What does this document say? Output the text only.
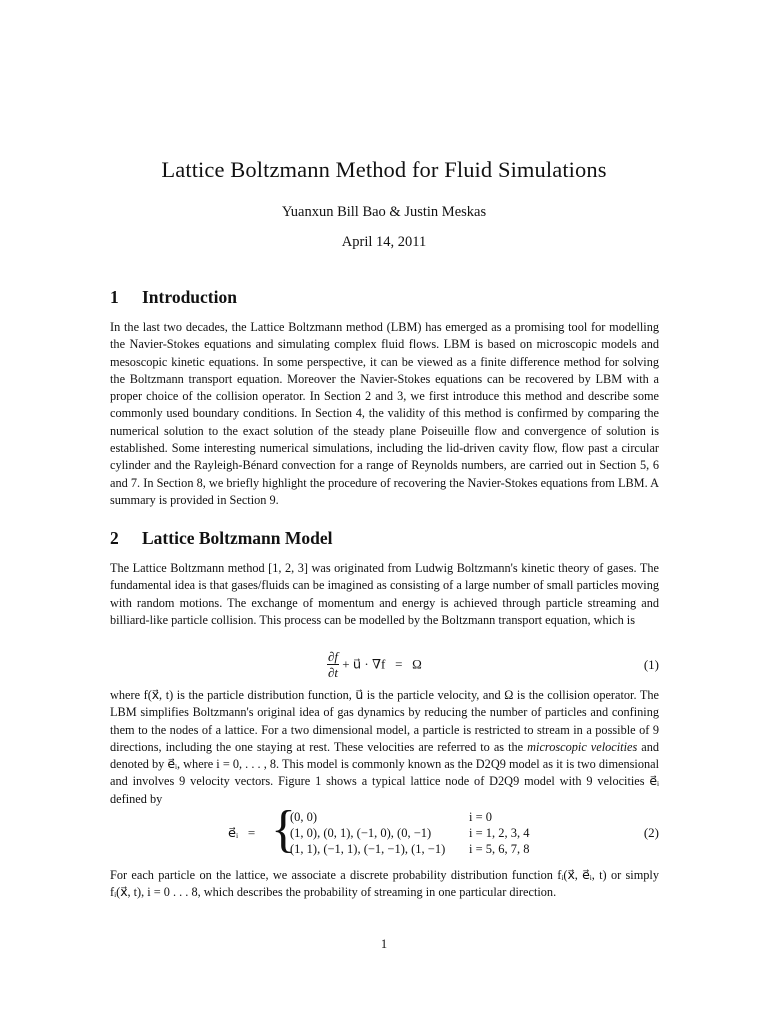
Lattice Boltzmann Method for Fluid Simulations
Yuanxun Bill Bao & Justin Meskas
April 14, 2011
1 Introduction

In the last two decades, the Lattice Boltzmann method (LBM) has emerged as a promising tool for modelling the Navier-Stokes equations and simulating complex fluid flows. LBM is based on microscopic models and mesoscopic kinetic equations. In some perspective, it can be viewed as a finite difference method for solving the Boltzmann transport equation. Moreover the Navier-Stokes equations can be recovered by LBM with a proper choice of the collision operator. In Section 2 and 3, we first introduce this method and describe some commonly used boundary conditions. In Section 4, the validity of this method is confirmed by comparing the numerical solution to the exact solution of the steady plane Poiseuille flow and convergence of solution is established. Some interesting numerical simulations, including the lid-driven cavity flow, flow past a circular cylinder and the Rayleigh-Bénard convection for a range of Reynolds numbers, are carried out in Section 5, 6 and 7. In Section 8, we briefly highlight the procedure of recovering the Navier-Stokes equations from LBM. A summary is provided in Section 9.

2 Lattice Boltzmann Model

The Lattice Boltzmann method [1, 2, 3] was originated from Ludwig Boltzmann's kinetic theory of gases. The fundamental idea is that gases/fluids can be imagined as consisting of a large number of small particles moving with random motions. The exchange of momentum and energy is achieved through particle streaming and billiard-like particle collision. This process can be modelled by the Boltzmann transport equation, which is

$\frac{\partial f}{\partial t}$ + u⃗ · ∇f   =   Ω	(1)

where f(x⃗, t) is the particle distribution function, u⃗ is the particle velocity, and Ω is the collision operator. The LBM simplifies Boltzmann's original idea of gas dynamics by reducing the number of particles and confining them to the nodes of a lattice. For a two dimensional model, a particle is restricted to stream in a possible of 9 directions, including the one staying at rest. These velocities are referred to as the microscopic velocities and denoted by e⃗ᵢ, where i = 0, . . . , 8. This model is commonly known as the D2Q9 model as it is two dimensional and involves 9 velocity vectors. Figure 1 shows a typical lattice node of D2Q9 model with 9 velocities e⃗ᵢ defined by

e⃗ᵢ   = {
(0, 0)	i = 0
(1, 0), (0, 1), (−1, 0), (0, −1)	i = 1, 2, 3, 4
(1, 1), (−1, 1), (−1, −1), (1, −1) i = 5, 6, 7, 8
(2)

For each particle on the lattice, we associate a discrete probability distribution function fᵢ(x⃗, e⃗ᵢ, t) or simply fᵢ(x⃗, t), i = 0 . . . 8, which describes the probability of streaming in one particular direction.

1
